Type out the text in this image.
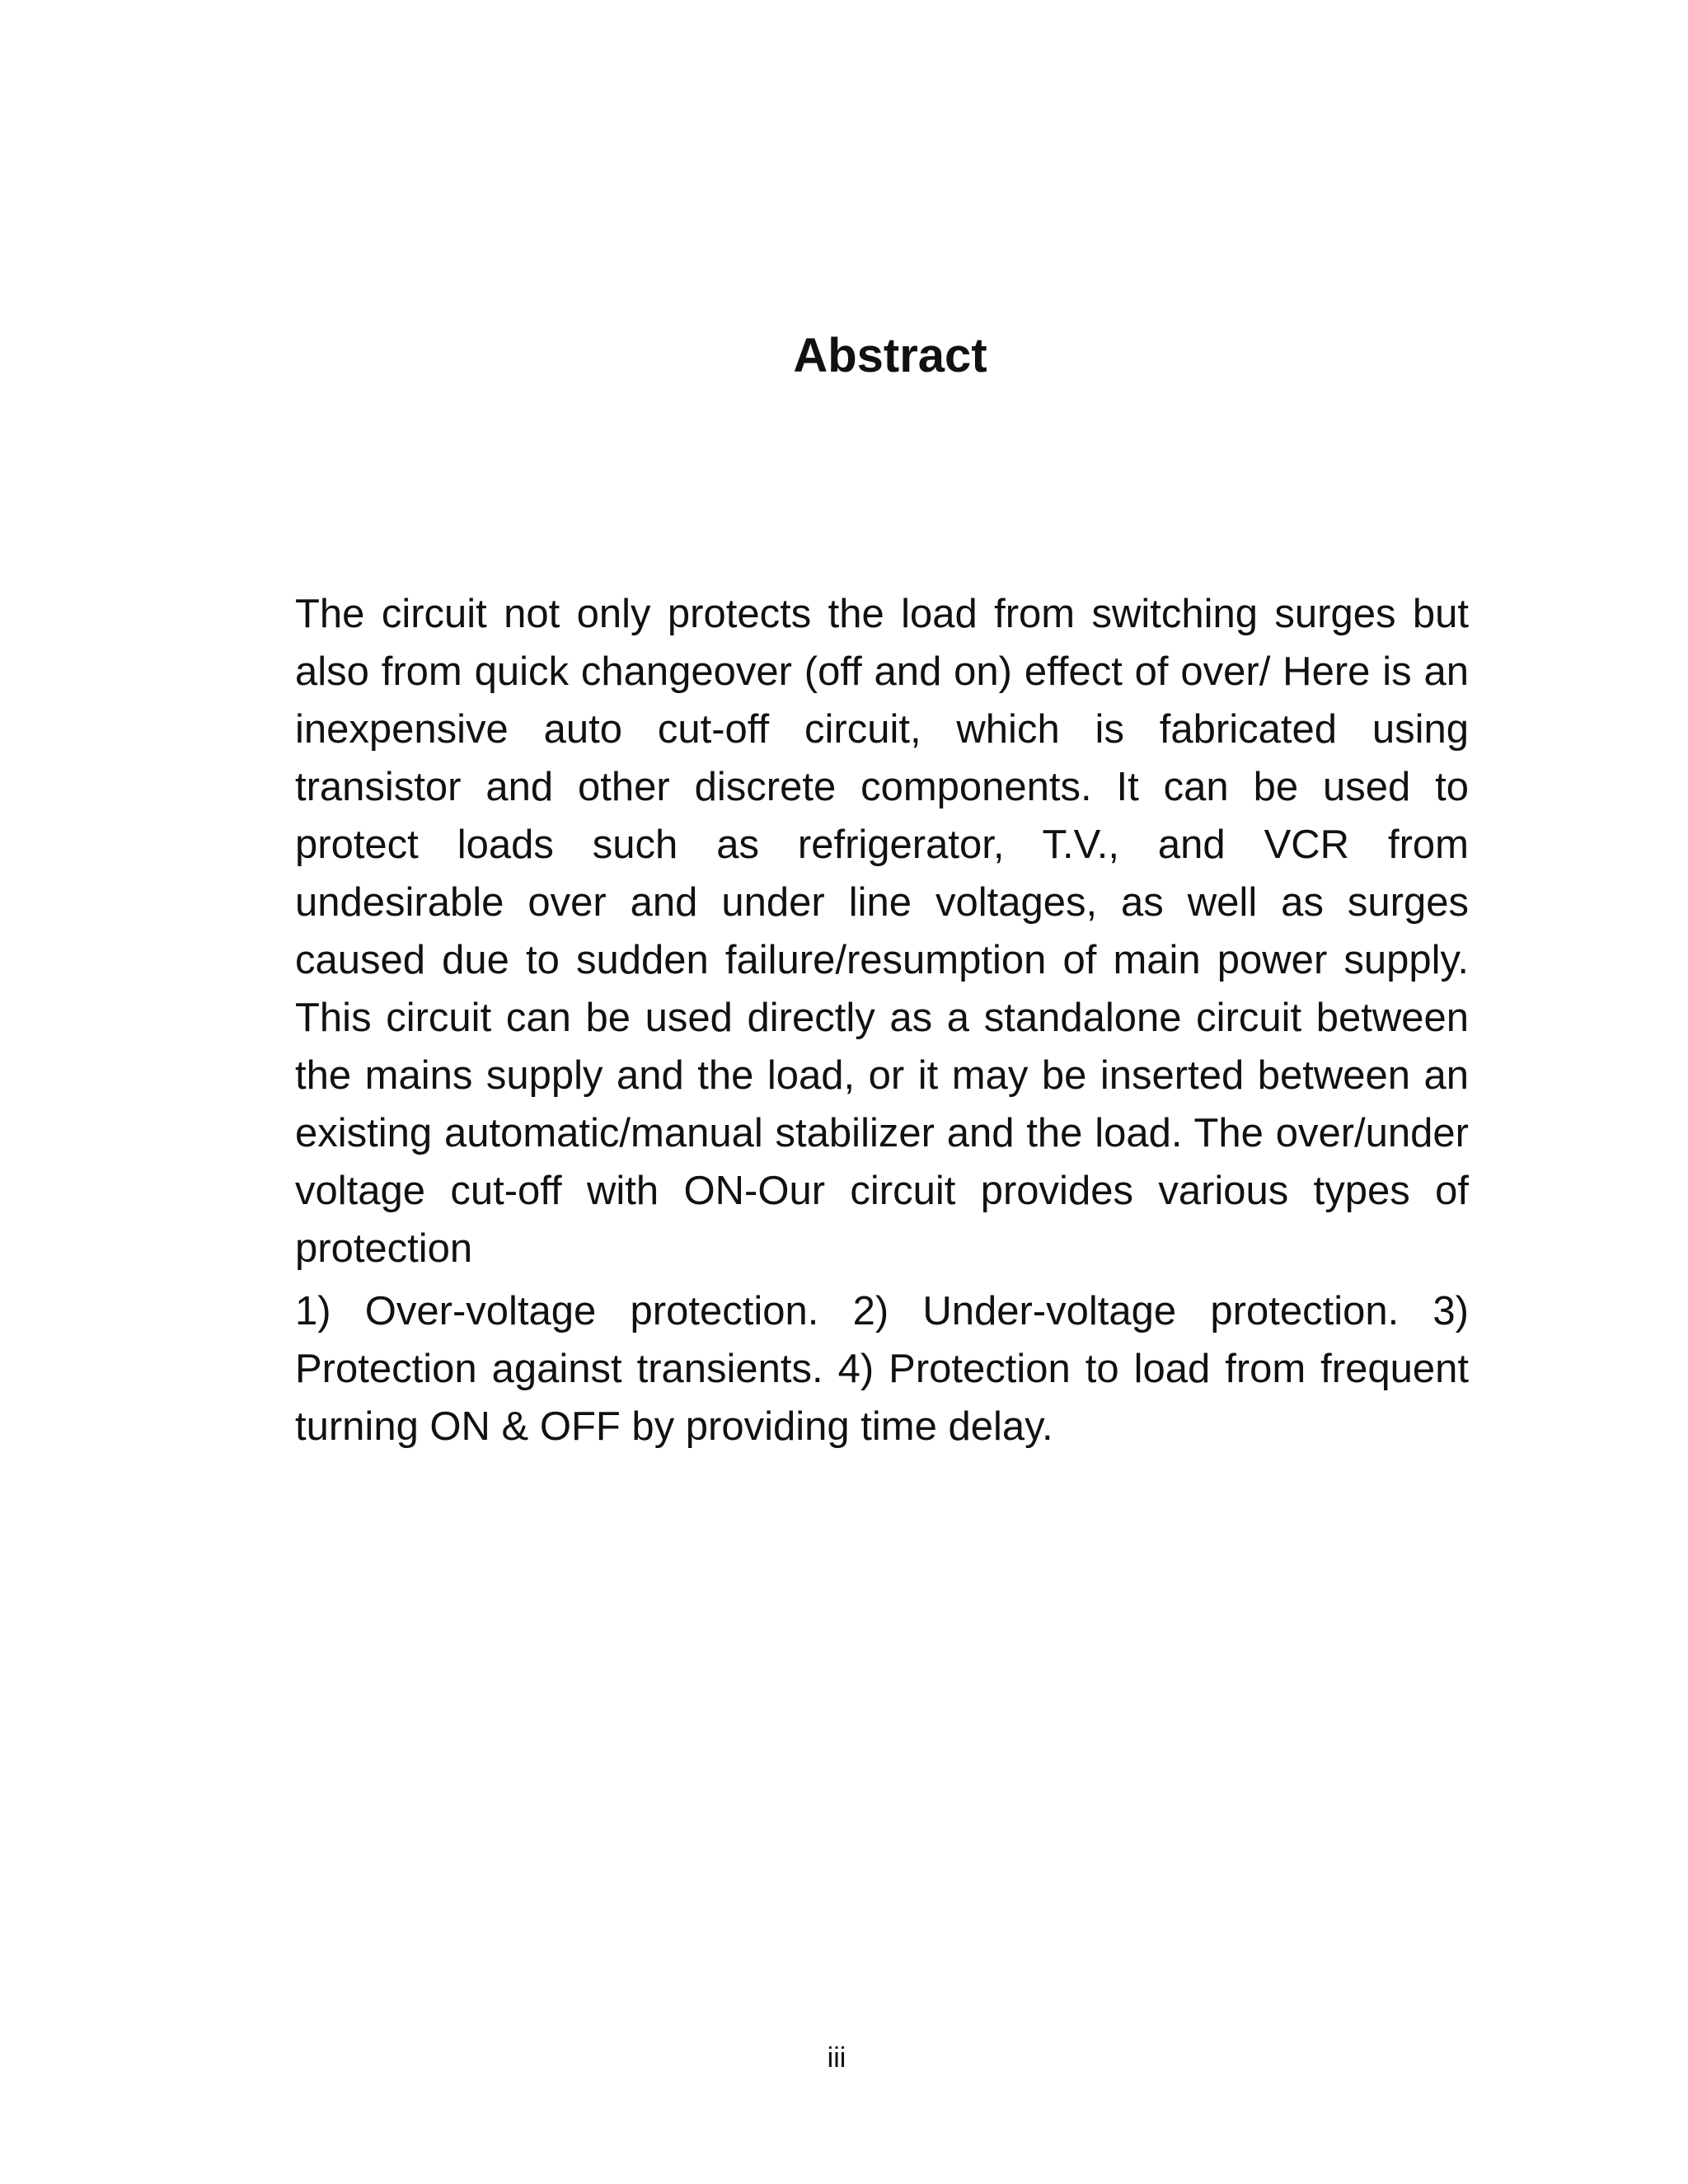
Abstract

The circuit not only protects the load from switching surges but also from quick changeover (off and on) effect of over/ Here is an inexpensive auto cut-off circuit, which is fabricated using transistor and other discrete components. It can be used to protect loads such as refrigerator, T.V., and VCR from undesirable over and under line voltages, as well as surges caused due to sudden failure/resumption of main power supply. This circuit can be used directly as a standalone circuit between the mains supply and the load, or it may be inserted between an existing automatic/manual stabilizer and the load. The over/under voltage cut-off with ON-Our circuit provides various types of protection

1) Over-voltage protection. 2) Under-voltage protection. 3) Protection against transients. 4) Protection to load from frequent turning ON & OFF by providing time delay.

iii
